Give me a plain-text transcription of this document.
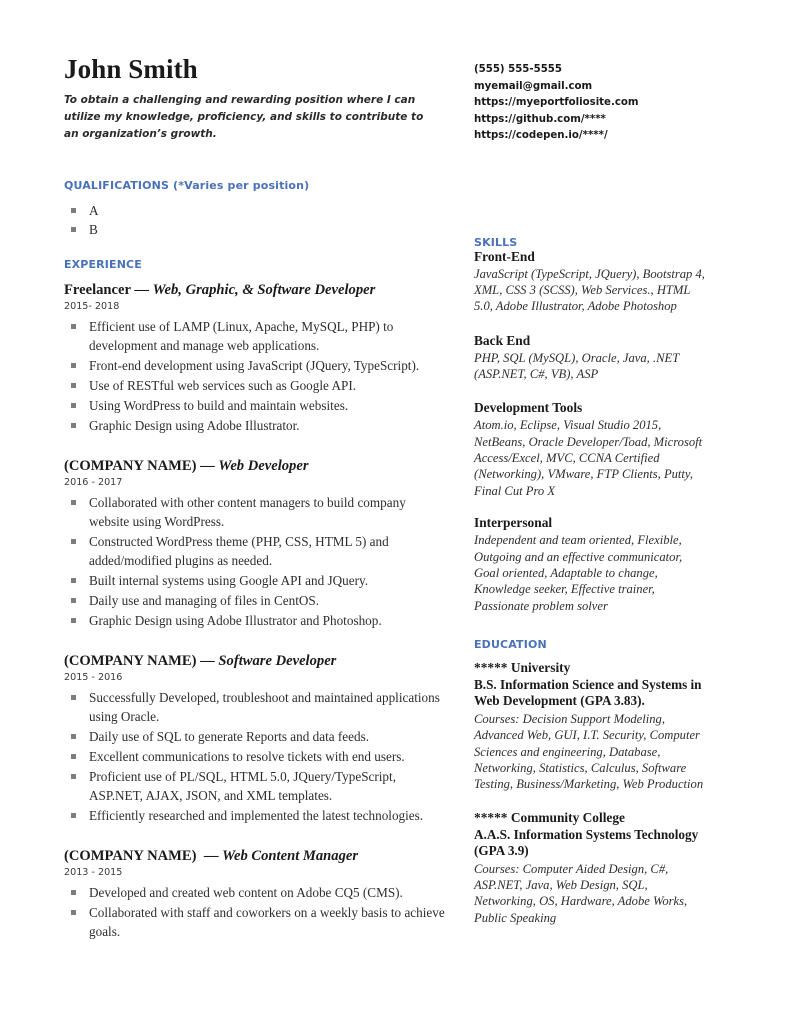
John Smith

To obtain a challenging and rewarding position where I can utilize my knowledge, proficiency, and skills to contribute to an organization’s growth.

QUALIFICATIONS (*Varies per position)
A
B
EXPERIENCE
Freelancer — Web, Graphic, & Software Developer
2015- 2018
Efficient use of LAMP (Linux, Apache, MySQL, PHP) to development and manage web applications.
Front-end development using JavaScript (JQuery, TypeScript).
Use of RESTful web services such as Google API.
Using WordPress to build and maintain websites.
Graphic Design using Adobe Illustrator.
(COMPANY NAME) — Web Developer
2016 - 2017
Collaborated with other content managers to build company website using WordPress.
Constructed WordPress theme (PHP, CSS, HTML 5) and added/modified plugins as needed.
Built internal systems using Google API and JQuery.
Daily use and managing of files in CentOS.
Graphic Design using Adobe Illustrator and Photoshop.
(COMPANY NAME) — Software Developer
2015 - 2016
Successfully Developed, troubleshoot and maintained applications using Oracle.
Daily use of SQL to generate Reports and data feeds.
Excellent communications to resolve tickets with end users.
Proficient use of PL/SQL, HTML 5.0, JQuery/TypeScript, ASP.NET, AJAX, JSON, and XML templates.
Efficiently researched and implemented the latest technologies.
(COMPANY NAME)  — Web Content Manager
2013 - 2015
Developed and created web content on Adobe CQ5 (CMS).
Collaborated with staff and coworkers on a weekly basis to achieve goals.
(555) 555-5555
myemail@gmail.com
https://myeportfoliosite.com
https://github.com/****
https://codepen.io/****/
SKILLS
Front-End
JavaScript (TypeScript, JQuery), Bootstrap 4, XML, CSS 3 (SCSS), Web Services., HTML 5.0, Adobe Illustrator, Adobe Photoshop
Back End
PHP, SQL (MySQL), Oracle, Java, .NET (ASP.NET, C#, VB), ASP
Development Tools
Atom.io, Eclipse, Visual Studio 2015, NetBeans, Oracle Developer/Toad, Microsoft Access/Excel, MVC, CCNA Certified (Networking), VMware, FTP Clients, Putty, Final Cut Pro X
Interpersonal
Independent and team oriented, Flexible, Outgoing and an effective communicator, Goal oriented, Adaptable to change, Knowledge seeker, Effective trainer, Passionate problem solver
EDUCATION
***** University
B.S. Information Science and Systems in Web Development (GPA 3.83).
Courses: Decision Support Modeling, Advanced Web, GUI, I.T. Security, Computer Sciences and engineering, Database, Networking, Statistics, Calculus, Software Testing, Business/Marketing, Web Production
***** Community College
A.A.S. Information Systems Technology (GPA 3.9)
Courses: Computer Aided Design, C#, ASP.NET, Java, Web Design, SQL, Networking, OS, Hardware, Adobe Works, Public Speaking
